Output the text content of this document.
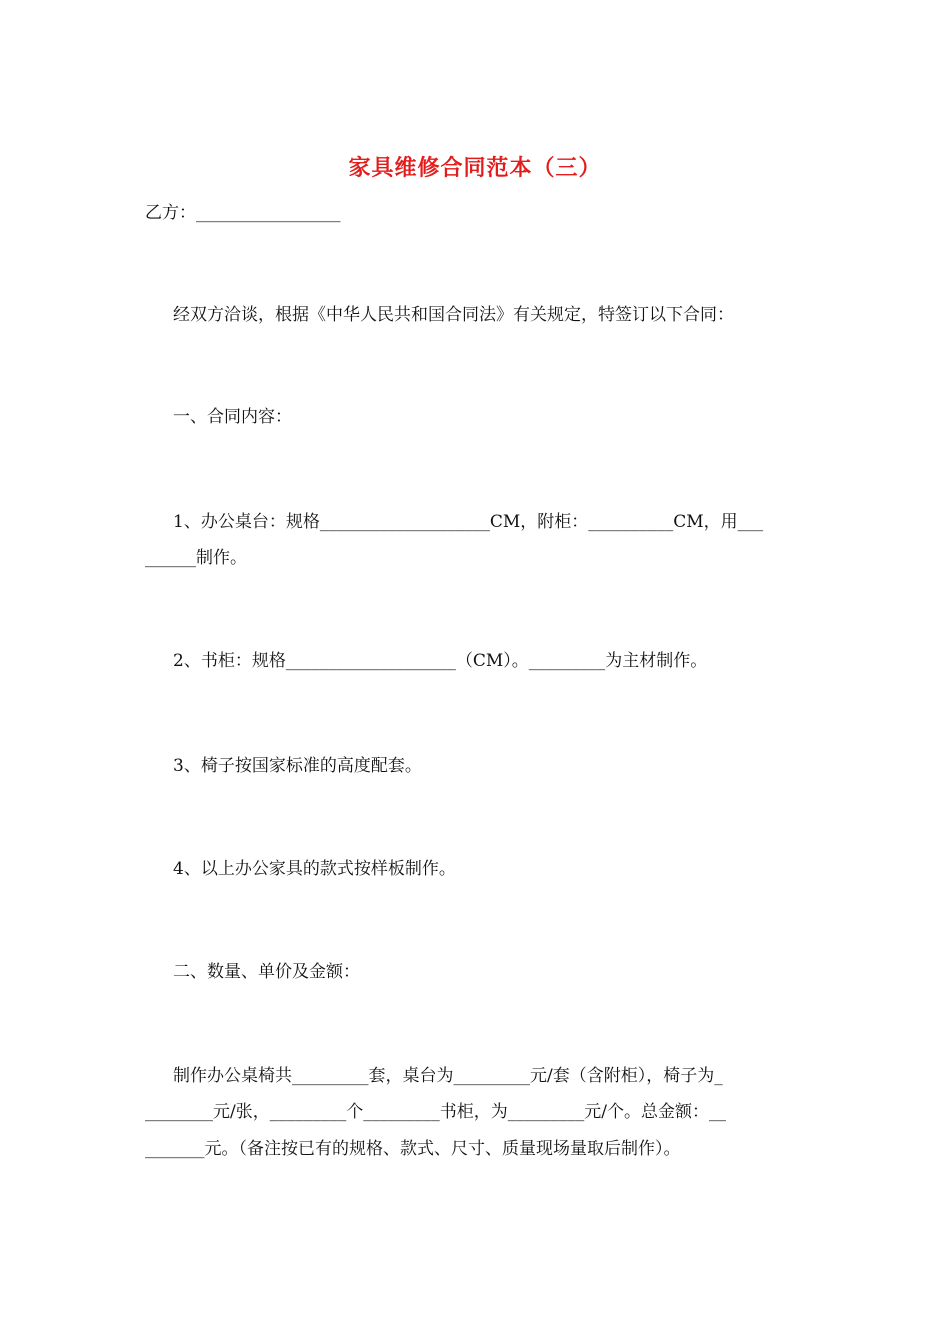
家具维修合同范本（三）
乙方：_________________
经双方洽谈，根据《中华人民共和国合同法》有关规定，特签订以下合同：
一、合同内容：
1、办公桌台：规格____________________CM，附柜：__________CM，用___
______制作。
2、书柜：规格____________________（CM）。_________为主材制作。
3、椅子按国家标准的高度配套。
4、以上办公家具的款式按样板制作。
二、数量、单价及金额：
制作办公桌椅共_________套，桌台为_________元/套（含附柜），椅子为_
________元/张，_________个_________书柜，为_________元/个。总金额：__
_______元。（备注按已有的规格、款式、尺寸、质量现场量取后制作）。
